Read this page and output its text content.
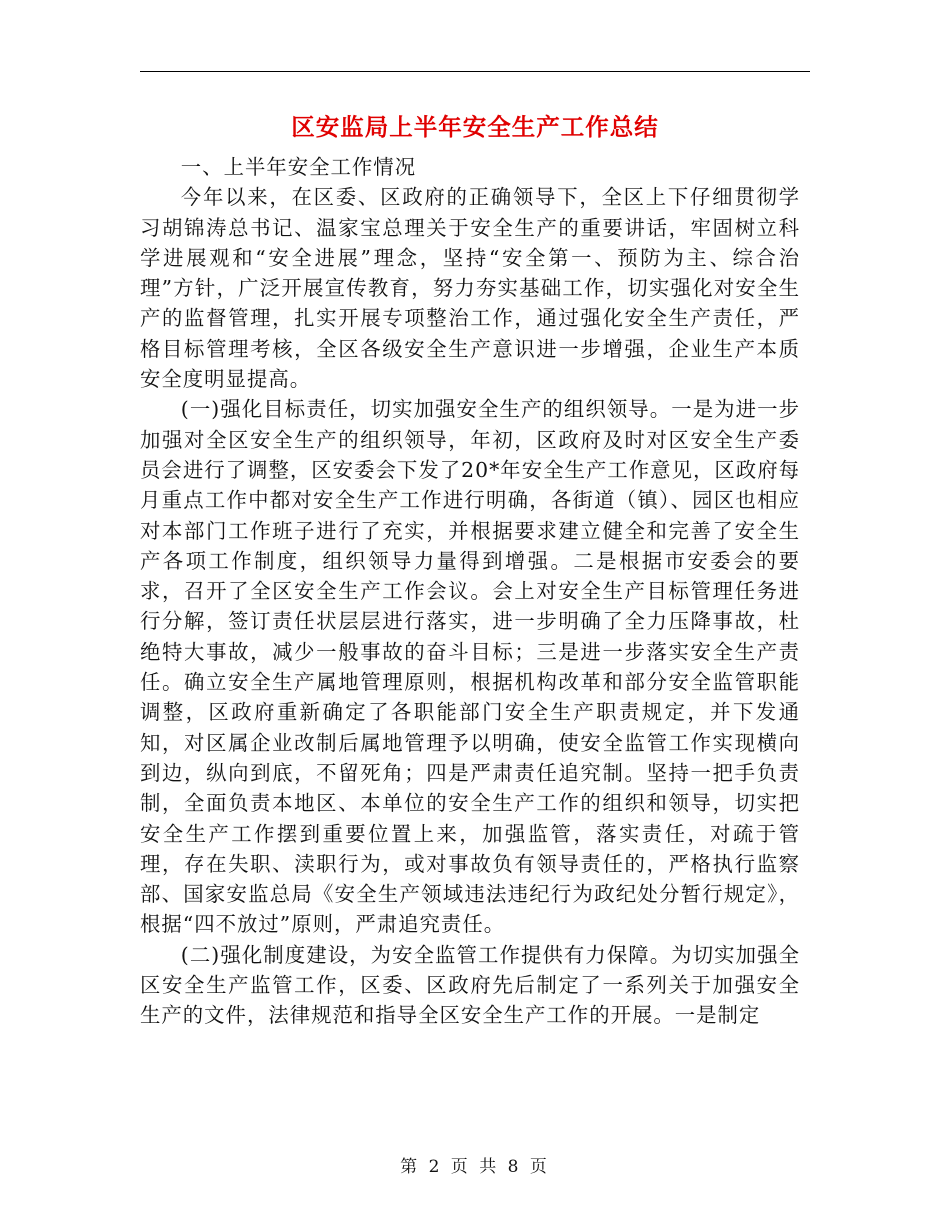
区安监局上半年安全生产工作总结

一、上半年安全工作情况

今年以来，在区委、区政府的正确领导下，全区上下仔细贯彻学习胡锦涛总书记、温家宝总理关于安全生产的重要讲话，牢固树立科学进展观和“安全进展”理念，坚持“安全第一、预防为主、综合治理”方针，广泛开展宣传教育，努力夯实基础工作，切实强化对安全生产的监督管理，扎实开展专项整治工作，通过强化安全生产责任，严格目标管理考核，全区各级安全生产意识进一步增强，企业生产本质安全度明显提高。

(一)强化目标责任，切实加强安全生产的组织领导。一是为进一步加强对全区安全生产的组织领导，年初，区政府及时对区安全生产委员会进行了调整，区安委会下发了20*年安全生产工作意见，区政府每月重点工作中都对安全生产工作进行明确，各街道（镇）、园区也相应对本部门工作班子进行了充实，并根据要求建立健全和完善了安全生产各项工作制度，组织领导力量得到增强。二是根据市安委会的要求，召开了全区安全生产工作会议。会上对安全生产目标管理任务进行分解，签订责任状层层进行落实，进一步明确了全力压降事故，杜绝特大事故，减少一般事故的奋斗目标；三是进一步落实安全生产责任。确立安全生产属地管理原则，根据机构改革和部分安全监管职能调整，区政府重新确定了各职能部门安全生产职责规定，并下发通知，对区属企业改制后属地管理予以明确，使安全监管工作实现横向到边，纵向到底，不留死角；四是严肃责任追究制。坚持一把手负责制，全面负责本地区、本单位的安全生产工作的组织和领导，切实把安全生产工作摆到重要位置上来，加强监管，落实责任，对疏于管理，存在失职、渎职行为，或对事故负有领导责任的，严格执行监察部、国家安监总局《安全生产领域违法违纪行为政纪处分暂行规定》，根据“四不放过”原则，严肃追究责任。

(二)强化制度建设，为安全监管工作提供有力保障。为切实加强全区安全生产监管工作，区委、区政府先后制定了一系列关于加强安全生产的文件，法律规范和指导全区安全生产工作的开展。一是制定

第 2 页 共 8 页
